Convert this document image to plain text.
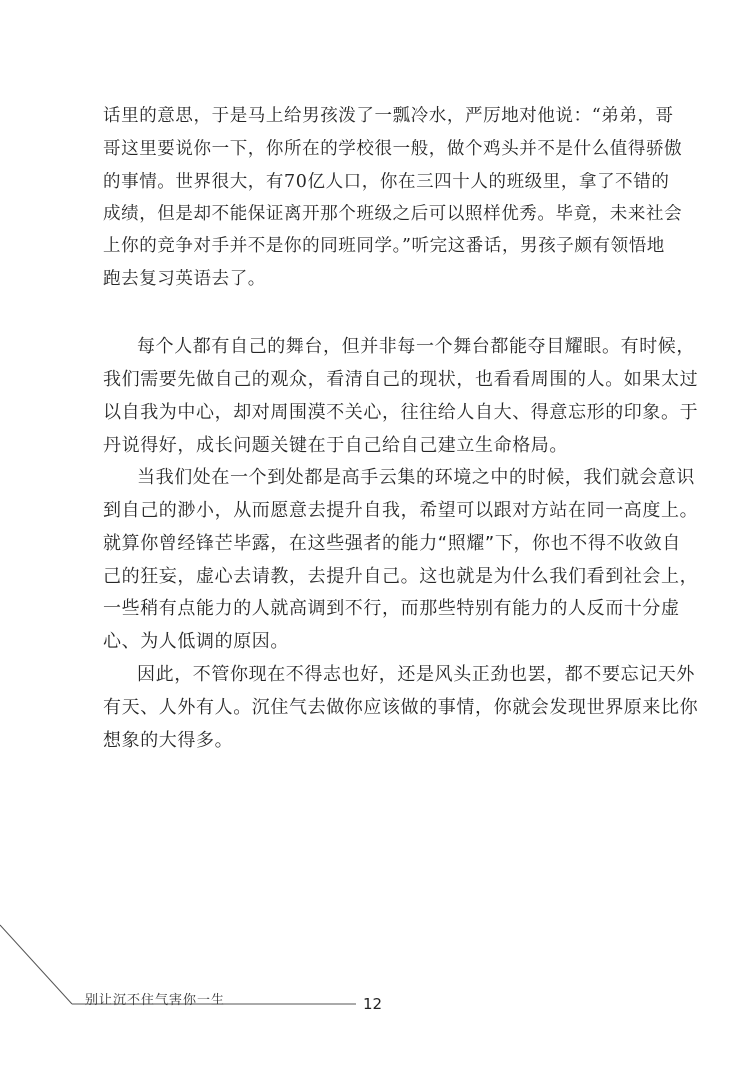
话里的意思，于是马上给男孩泼了一瓢冷水，严厉地对他说：“弟弟，哥
哥这里要说你一下，你所在的学校很一般，做个鸡头并不是什么值得骄傲
的事情。世界很大，有70亿人口，你在三四十人的班级里，拿了不错的
成绩，但是却不能保证离开那个班级之后可以照样优秀。毕竟，未来社会
上你的竞争对手并不是你的同班同学。”听完这番话，男孩子颇有领悟地
跑去复习英语去了。
每个人都有自己的舞台，但并非每一个舞台都能夺目耀眼。有时候，
我们需要先做自己的观众，看清自己的现状，也看看周围的人。如果太过
以自我为中心，却对周围漠不关心，往往给人自大、得意忘形的印象。于
丹说得好，成长问题关键在于自己给自己建立生命格局。
当我们处在一个到处都是高手云集的环境之中的时候，我们就会意识
到自己的渺小，从而愿意去提升自我，希望可以跟对方站在同一高度上。
就算你曾经锋芒毕露，在这些强者的能力“照耀”下，你也不得不收敛自
己的狂妄，虚心去请教，去提升自己。这也就是为什么我们看到社会上，
一些稍有点能力的人就高调到不行，而那些特别有能力的人反而十分虚
心、为人低调的原因。
因此，不管你现在不得志也好，还是风头正劲也罢，都不要忘记天外
有天、人外有人。沉住气去做你应该做的事情，你就会发现世界原来比你
想象的大得多。
别让沉不住气害你一生	12
